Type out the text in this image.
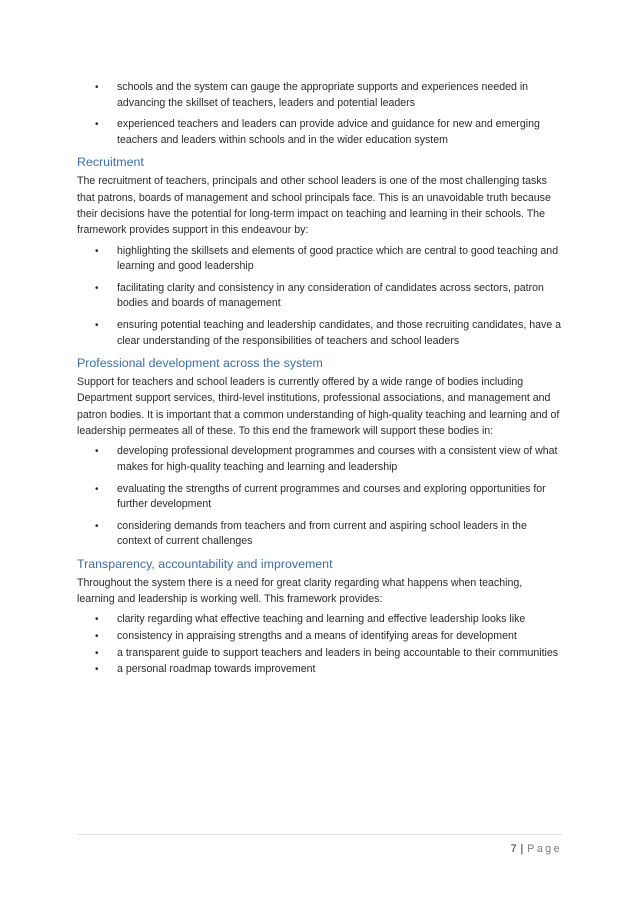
• schools and the system can gauge the appropriate supports and experiences needed in advancing the skillset of teachers, leaders and potential leaders
• experienced teachers and leaders can provide advice and guidance for new and emerging teachers and leaders within schools and in the wider education system
Recruitment

The recruitment of teachers, principals and other school leaders is one of the most challenging tasks that patrons, boards of management and school principals face. This is an unavoidable truth because their decisions have the potential for long-term impact on teaching and learning in their schools. The framework provides support in this endeavour by:

• highlighting the skillsets and elements of good practice which are central to good teaching and learning and good leadership
• facilitating clarity and consistency in any consideration of candidates across sectors, patron bodies and boards of management
• ensuring potential teaching and leadership candidates, and those recruiting candidates, have a clear understanding of the responsibilities of teachers and school leaders
Professional development across the system

Support for teachers and school leaders is currently offered by a wide range of bodies including Department support services, third-level institutions, professional associations, and management and patron bodies. It is important that a common understanding of high-quality teaching and learning and of leadership permeates all of these. To this end the framework will support these bodies in:

• developing professional development programmes and courses with a consistent view of what makes for high-quality teaching and learning and leadership
• evaluating the strengths of current programmes and courses and exploring opportunities for further development
• considering demands from teachers and from current and aspiring school leaders in the context of current challenges
Transparency, accountability and improvement

Throughout the system there is a need for great clarity regarding what happens when teaching, learning and leadership is working well. This framework provides:

• clarity regarding what effective teaching and learning and effective leadership looks like
• consistency in appraising strengths and a means of identifying areas for development
• a transparent guide to support teachers and leaders in being accountable to their communities
• a personal roadmap towards improvement
7 | Page
